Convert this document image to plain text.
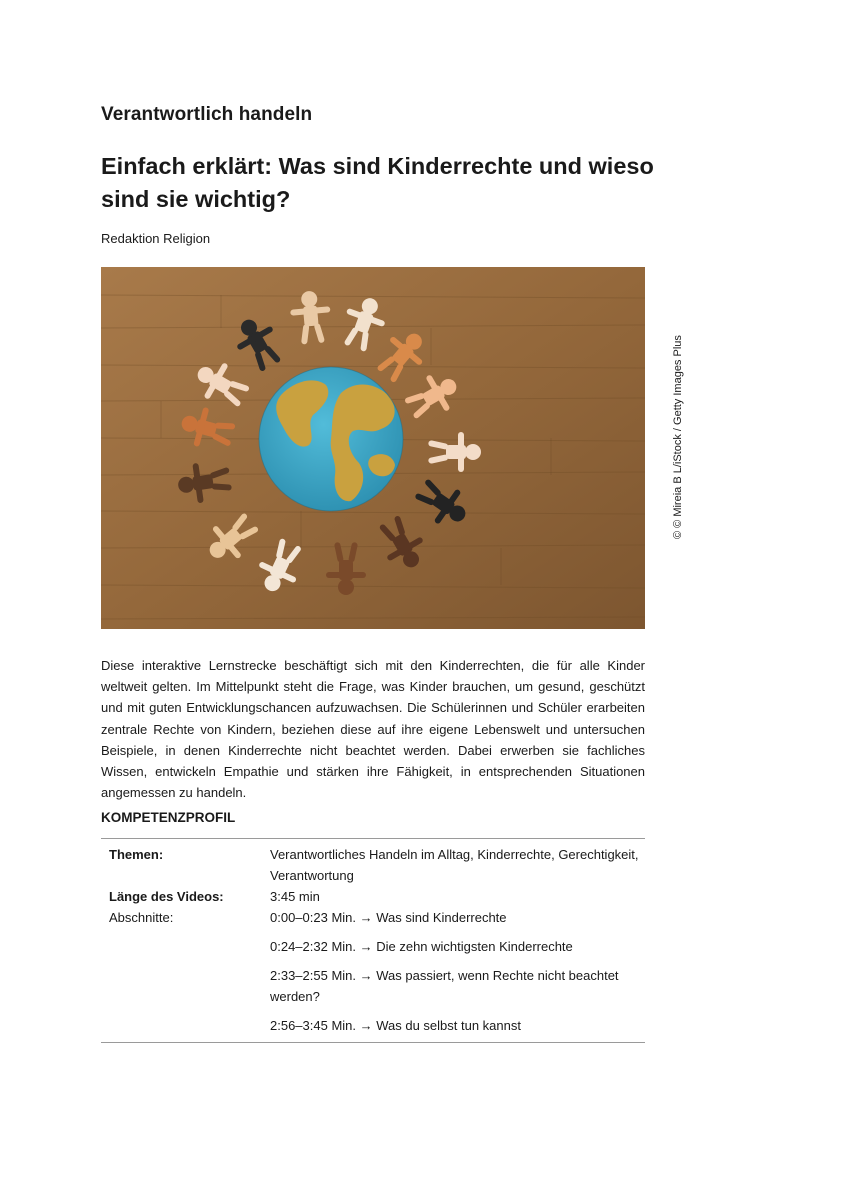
Verantwortlich handeln
Einfach erklärt: Was sind Kinderrechte und wieso sind sie wichtig?
Redaktion Religion
© © Mireia B L/iStock / Getty Images Plus

Diese interaktive Lernstrecke beschäftigt sich mit den Kinderrechten, die für alle Kinder weltweit gelten. Im Mittelpunkt steht die Frage, was Kinder brauchen, um gesund, geschützt und mit guten Entwicklungschancen aufzuwachsen. Die Schülerinnen und Schüler erarbeiten zentrale Rechte von Kindern, beziehen diese auf ihre eigene Lebenswelt und untersuchen Beispiele, in denen Kinderrechte nicht beachtet werden. Dabei erwerben sie fachliches Wissen, entwickeln Empathie und stärken ihre Fähigkeit, in entsprechenden Situationen angemessen zu handeln.

KOMPETENZPROFIL
Themen:	Verantwortliches Handeln im Alltag, Kinderrechte, Gerechtigkeit, Verantwortung
Länge des Videos:	3:45 min
Abschnitte:	0:00–0:23 Min. → Was sind Kinderrechte
0:24–2:32 Min. → Die zehn wichtigsten Kinderrechte
2:33–2:55 Min. → Was passiert, wenn Rechte nicht beachtet werden?
2:56–3:45 Min. → Was du selbst tun kannst
